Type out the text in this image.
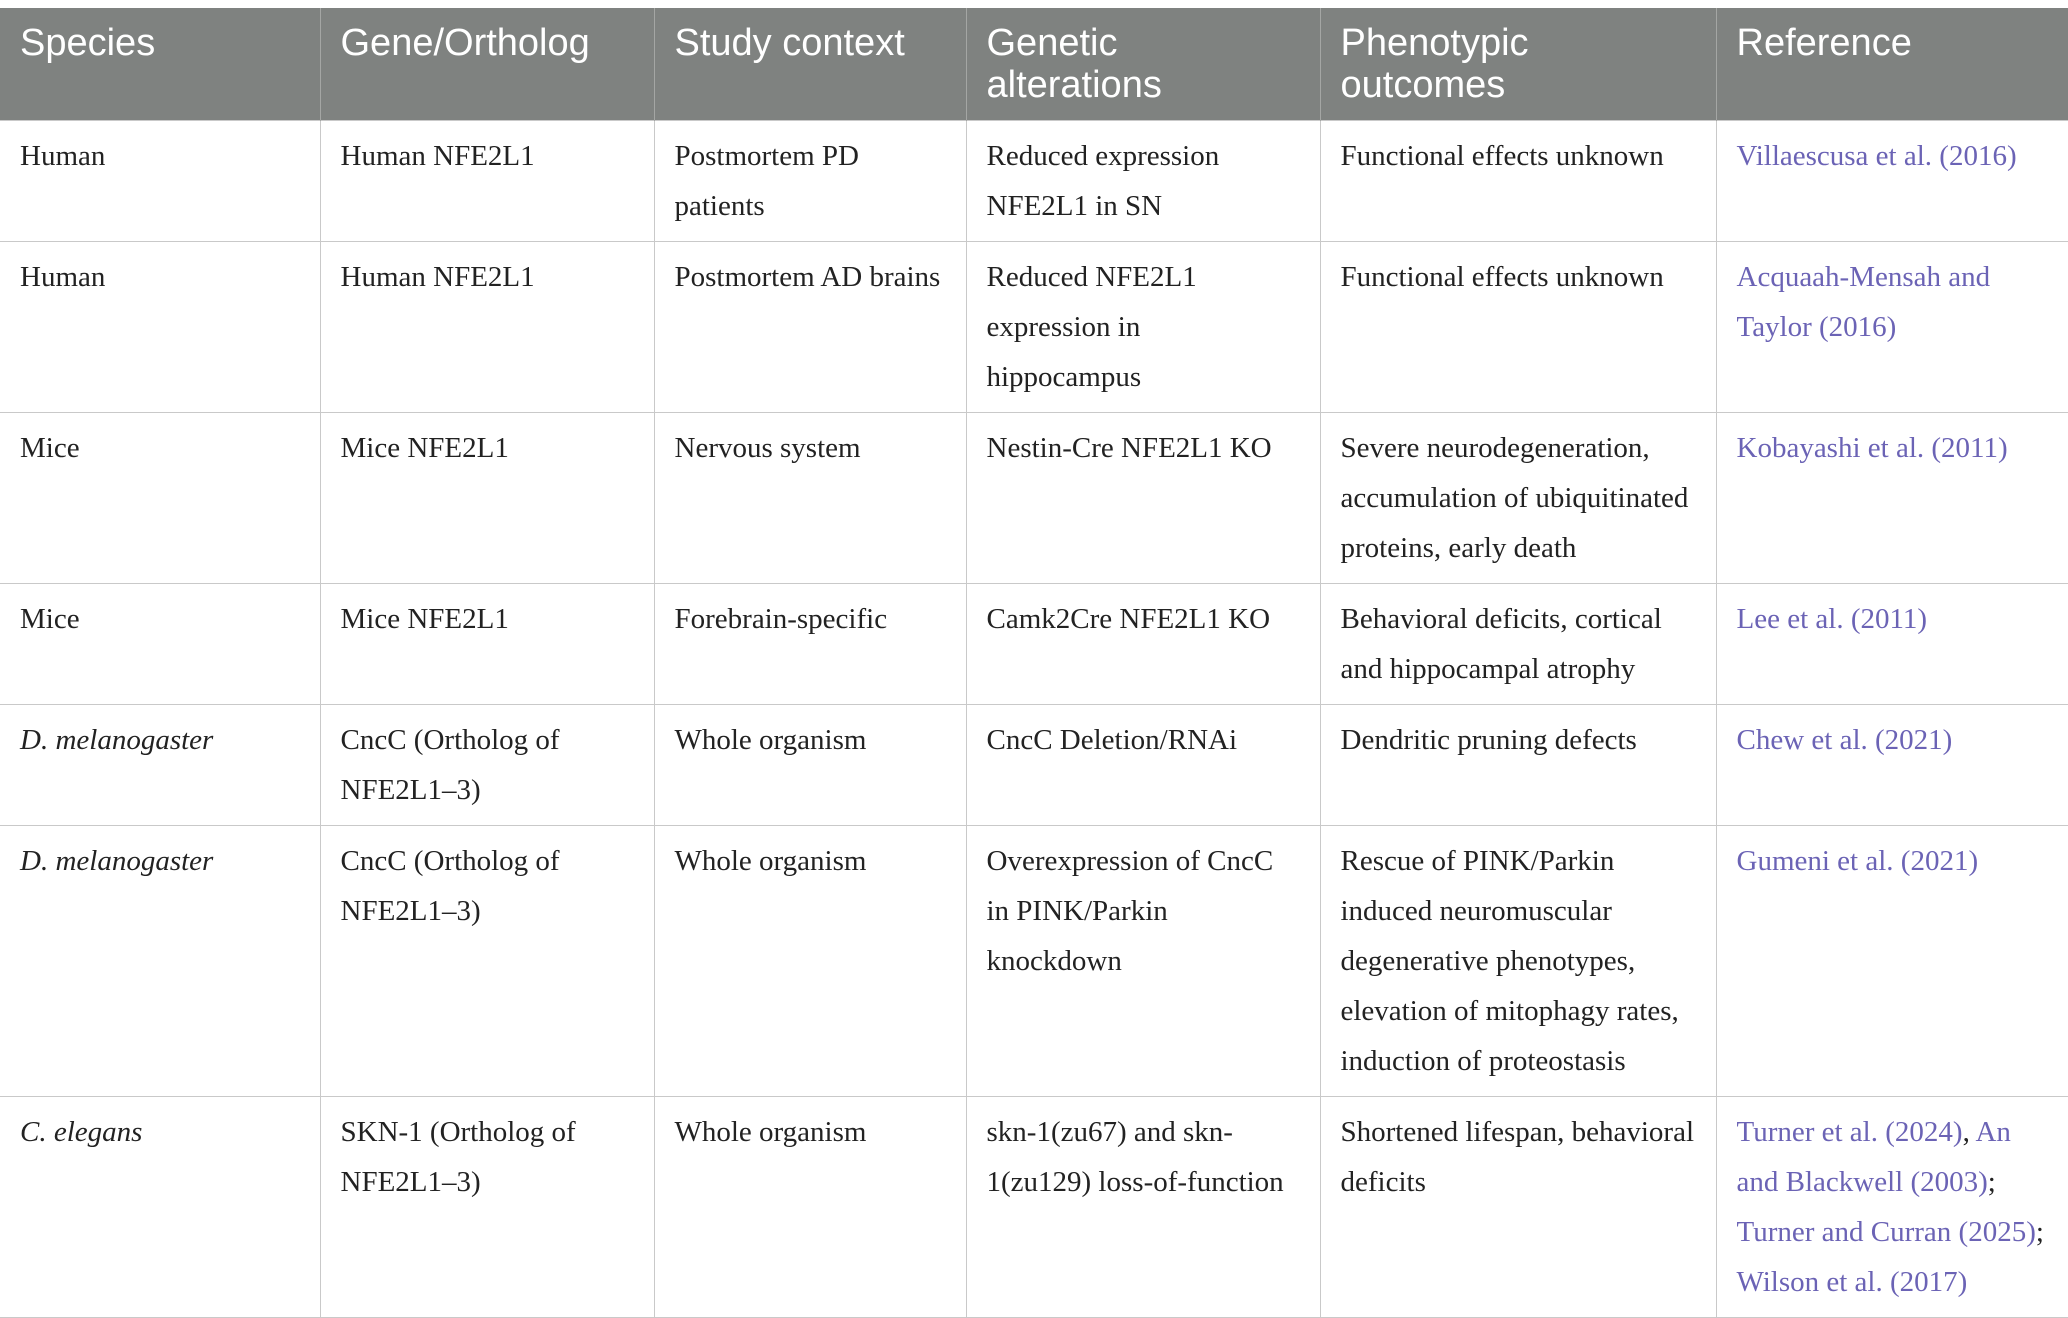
Species	Gene/Ortholog	Study context	Genetic alterations	Phenotypic outcomes	Reference
Human	Human NFE2L1	Postmortem PD patients	Reduced expression NFE2L1 in SN	Functional effects unknown	Villaescusa et al. (2016)
Human	Human NFE2L1	Postmortem AD brains	Reduced NFE2L1 expression in hippocampus	Functional effects unknown	Acquaah-Mensah and Taylor (2016)
Mice	Mice NFE2L1	Nervous system	Nestin-Cre NFE2L1 KO	Severe neurodegeneration, accumulation of ubiquitinated proteins, early death	Kobayashi et al. (2011)
Mice	Mice NFE2L1	Forebrain-specific	Camk2Cre NFE2L1 KO	Behavioral deficits, cortical and hippocampal atrophy	Lee et al. (2011)
D. melanogaster	CncC (Ortholog of NFE2L1–3)	Whole organism	CncC Deletion/RNAi	Dendritic pruning defects	Chew et al. (2021)
D. melanogaster	CncC (Ortholog of NFE2L1–3)	Whole organism	Overexpression of CncC in PINK/Parkin knockdown	Rescue of PINK/Parkin induced neuromuscular degenerative phenotypes, elevation of mitophagy rates, induction of proteostasis	Gumeni et al. (2021)
C. elegans	SKN-1 (Ortholog of NFE2L1–3)	Whole organism	skn-1(zu67) and skn-1(zu129) loss-of-function	Shortened lifespan, behavioral deficits	Turner et al. (2024), An and Blackwell (2003); Turner and Curran (2025); Wilson et al. (2017)
